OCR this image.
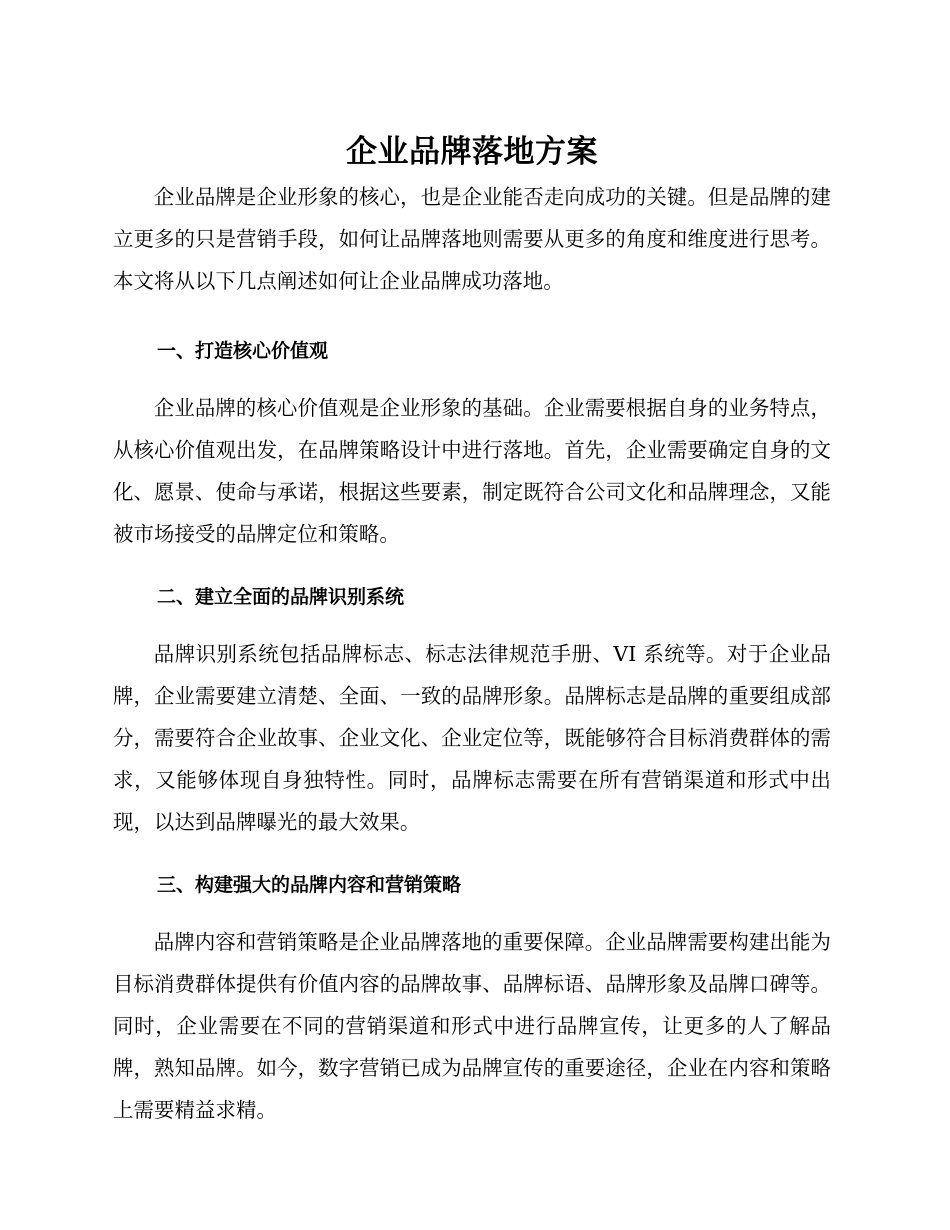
企业品牌落地方案

企业品牌是企业形象的核心，也是企业能否走向成功的关键。但是品牌的建立更多的只是营销手段，如何让品牌落地则需要从更多的角度和维度进行思考。本文将从以下几点阐述如何让企业品牌成功落地。

一、打造核心价值观

企业品牌的核心价值观是企业形象的基础。企业需要根据自身的业务特点，从核心价值观出发，在品牌策略设计中进行落地。首先，企业需要确定自身的文化、愿景、使命与承诺，根据这些要素，制定既符合公司文化和品牌理念，又能被市场接受的品牌定位和策略。

二、建立全面的品牌识别系统

品牌识别系统包括品牌标志、标志法律规范手册、VI 系统等。对于企业品牌，企业需要建立清楚、全面、一致的品牌形象。品牌标志是品牌的重要组成部分，需要符合企业故事、企业文化、企业定位等，既能够符合目标消费群体的需求，又能够体现自身独特性。同时，品牌标志需要在所有营销渠道和形式中出现，以达到品牌曝光的最大效果。

三、构建强大的品牌内容和营销策略

品牌内容和营销策略是企业品牌落地的重要保障。企业品牌需要构建出能为目标消费群体提供有价值内容的品牌故事、品牌标语、品牌形象及品牌口碑等。同时，企业需要在不同的营销渠道和形式中进行品牌宣传，让更多的人了解品牌，熟知品牌。如今，数字营销已成为品牌宣传的重要途径，企业在内容和策略上需要精益求精。
